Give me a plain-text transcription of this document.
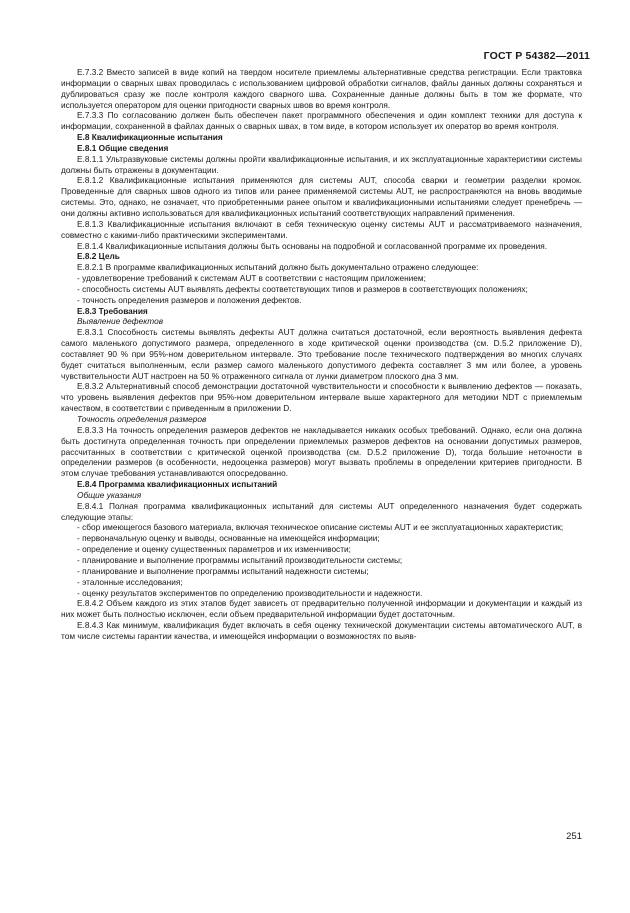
ГОСТ Р 54382—2011

Е.7.3.2 Вместо записей в виде копий на твердом носителе приемлемы альтернативные средства регистрации. Если трактовка информации о сварных швах проводилась с использованием цифровой обработки сигналов, файлы данных должны сохраняться и дублироваться сразу же после контроля каждого сварного шва. Сохраненные данные должны быть в том же формате, что используется оператором для оценки пригодности сварных швов во время контроля.

Е.7.3.3 По согласованию должен быть обеспечен пакет программного обеспечения и один комплект техники для доступа к информации, сохраненной в файлах данных о сварных швах, в том виде, в котором использует их оператор во время контроля.

Е.8 Квалификационные испытания

Е.8.1 Общие сведения

Е.8.1.1 Ультразвуковые системы должны пройти квалификационные испытания, и их эксплуатационные характеристики системы должны быть отражены в документации.

Е.8.1.2 Квалификационные испытания применяются для системы AUT, способа сварки и геометрии разделки кромок. Проведенные для сварных швов одного из типов или ранее применяемой системы AUT, не распространяются на вновь вводимые системы. Это, однако, не означает, что приобретенными ранее опытом и квалификационными испытаниями следует пренебречь — они должны активно использоваться для квалификационных испытаний соответствующих направлений применения.

Е.8.1.3 Квалификационные испытания включают в себя техническую оценку системы AUT и рассматриваемого назначения, совместно с какими-либо практическими экспериментами.

Е.8.1.4 Квалификационные испытания должны быть основаны на подробной и согласованной программе их проведения.

Е.8.2 Цель

Е.8.2.1 В программе квалификационных испытаний должно быть документально отражено следующее:

- удовлетворение требований к системам AUT в соответствии с настоящим приложением;

- способность системы AUT выявлять дефекты соответствующих типов и размеров в соответствующих положениях;

- точность определения размеров и положения дефектов.

Е.8.3 Требования

Выявление дефектов

Е.8.3.1 Способность системы выявлять дефекты AUT должна считаться достаточной, если вероятность выявления дефекта самого маленького допустимого размера, определенного в ходе критической оценки производства (см. D.5.2 приложение D), составляет 90 % при 95%-ном доверительном интервале. Это требование после технического подтверждения во многих случаях будет считаться выполненным, если размер самого маленького допустимого дефекта составляет 3 мм или более, а уровень чувствительности AUT настроен на 50 % отраженного сигнала от лунки диаметром плоского дна 3 мм.

Е.8.3.2 Альтернативный способ демонстрации достаточной чувствительности и способности к выявлению дефектов — показать, что уровень выявления дефектов при 95%-ном доверительном интервале выше характерного для методики NDT с приемлемым качеством, в соответствии с приведенным в приложении D.

Точность определения размеров

Е.8.3.3 На точность определения размеров дефектов не накладывается никаких особых требований. Однако, если она должна быть достигнута определенная точность при определении приемлемых размеров дефектов на основании допустимых размеров, рассчитанных в соответствии с критической оценкой производства (см. D.5.2 приложение D), тогда большие неточности в определении размеров (в особенности, недооценка размеров) могут вызвать проблемы в определении критериев пригодности. В этом случае требования устанавливаются опосредованно.

Е.8.4 Программа квалификационных испытаний

Общие указания

Е.8.4.1 Полная программа квалификационных испытаний для системы AUT определенного назначения будет содержать следующие этапы:

- сбор имеющегося базового материала, включая техническое описание системы AUT и ее эксплуатационных характеристик;

- первоначальную оценку и выводы, основанные на имеющейся информации;

- определение и оценку существенных параметров и их изменчивости;

- планирование и выполнение программы испытаний производительности системы;

- планирование и выполнение программы испытаний надежности системы;

- эталонные исследования;

- оценку результатов экспериментов по определению производительности и надежности.

Е.8.4.2 Объем каждого из этих этапов будет зависеть от предварительно полученной информации и документации и каждый из них может быть полностью исключен, если объем предварительной информации будет достаточным.

Е.8.4.3 Как минимум, квалификация будет включать в себя оценку технической документации системы автоматического AUT, в том числе системы гарантии качества, и имеющейся информации о возможностях по выяв-

251
